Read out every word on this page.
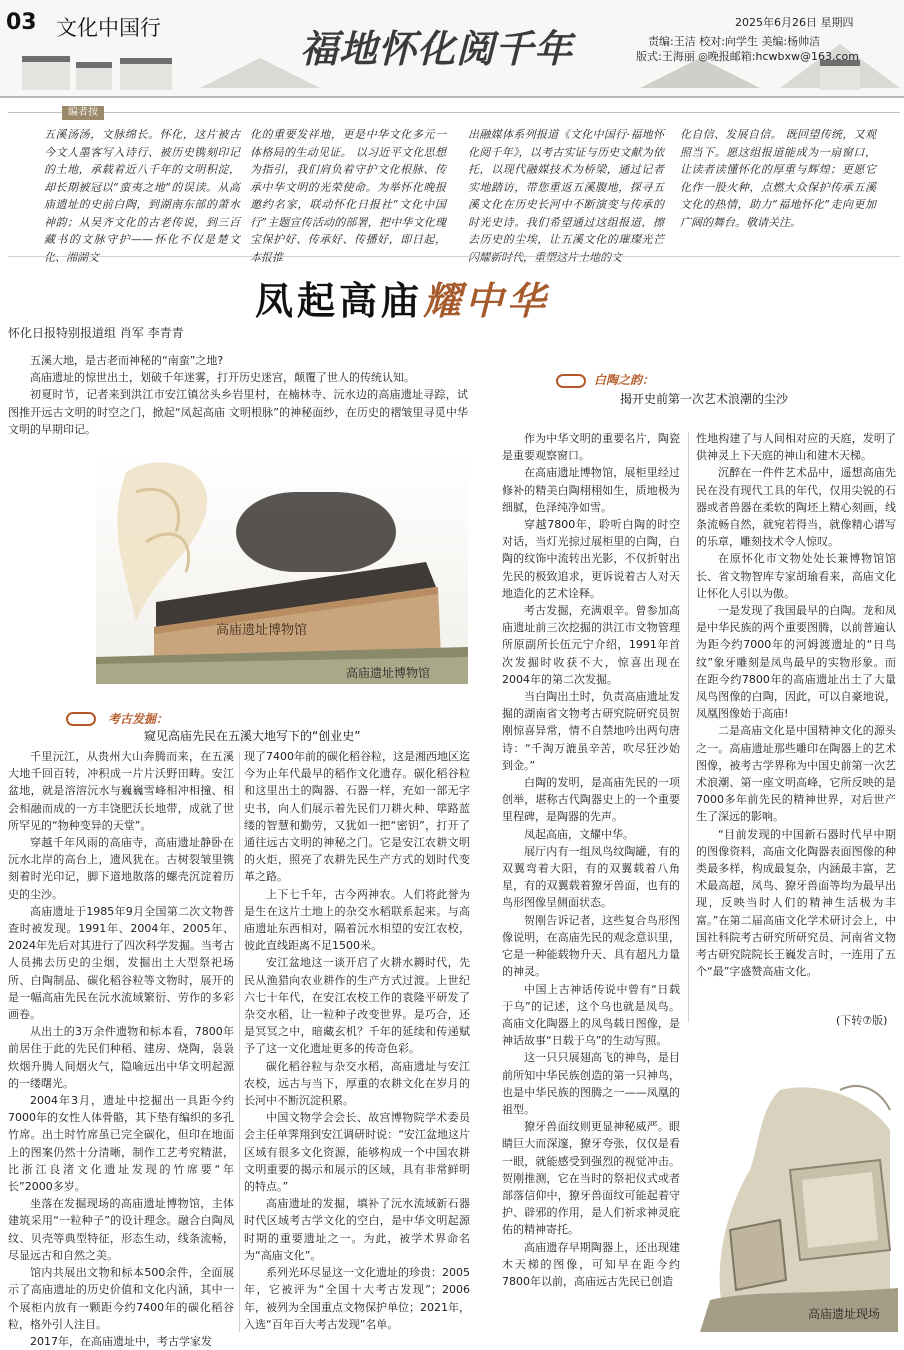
03 文化中国行	福地怀化阅千年
2025年6月26日 星期四
责编:王洁 校对:向学生 美编:杨帅洁
版式:王海丽 ◎晚报邮箱:hcwbxw@163.com
编者按
五溪汤汤，文脉绵长。怀化，这片被古今文人墨客写入诗行、被历史镌刻印记的土地，承载着近八千年的文明积淀，却长期被冠以“蛮夷之地”的误读。从高庙遗址的史前白陶，到湖南东部的萧水神韵；从吴齐文化的古老传说，到三百藏书的文脉守护——怀化不仅是楚文化、湘湖文
化的重要发祥地，更是中华文化多元一体格局的生动见证。 以习近平文化思想为指引，我们肩负着守护文化根脉、传承中华文明的光荣使命。为举怀化晚报邀约名家，联动怀化日报社“文化中国行”主题宣传活动的部署，把中华文化瑰宝保护好、传承好、传播好，即日起，本报推
出融媒体系列报道《文化中国行·福地怀化阅千年》，以考古实证与历史文献为依托，以现代融媒技术为桥梁，通过记者实地踏访，带您重返五溪腹地，探寻五溪文化在历史长河中不断演变与传承的时光史诗。我们希望通过这组报道，擦去历史的尘埃，让五溪文化的璀璨光芒闪耀新时代，重塑这片土地的文
化自信、发展自信。 既回望传统，又观照当下。愿这组报道能成为一扇窗口，让读者读懂怀化的厚重与辉煌；更愿它化作一股火种，点燃大众保护传承五溪文化的热情，助力“福地怀化”走向更加广阔的舞台。敬请关注。
凤起高庙耀中华
怀化日报特别报道组 肖军 李青青

五溪大地，是古老而神秘的“南蛮”之地?

高庙遗址的惊世出土，划破千年迷雾，打开历史迷宫，颠覆了世人的传统认知。

初夏时节，记者来到洪江市安江镇岔头乡岩里村，在楠林寺、沅水边的高庙遗址寻踪，试图推开远古文明的时空之门，掀起“凤起高庙 文明根脉”的神秘面纱，在历史的褶皱里寻觅中华文明的早期印记。

高庙遗址博物馆
高庙遗址博物馆
考古发掘：
窥见高庙先民在五溪大地写下的“创业史”

千里沅江，从贵州大山奔腾而来，在五溪大地千回百转，冲积成一片片沃野田畴。安江盆地，就是溶溶沅水与巍巍雪峰相冲相撞、相会相融而成的一方丰饶肥沃长地带，成就了世所罕见的“物种变异的天堂”。

穿越千年风雨的高庙寺，高庙遗址静卧在沅水北岸的高台上，遗风犹在。古树裂皱里镌刻着时光印记，脚下道地散落的螺壳沉淀着历史的尘沙。

高庙遗址于1985年9月全国第二次文物普查时被发现。1991年、2004年、2005年、2024年先后对其进行了四次科学发掘。当考古人员拂去历史的尘烟，发掘出土大型祭祀场所、白陶制品、碳化稻谷粒等文物时，展开的是一幅高庙先民在沅水流域繁衍、劳作的多彩画卷。

从出土的3万余件遗物和标本看，7800年前居住于此的先民们种稻、建房、烧陶，袅袅炊烟升腾人间烟火气，隐喻远出中华文明起源的一缕曙光。

2004年3月，遗址中挖掘出一具距今约7000年的女性人体骨骼，其下垫有编织的多孔竹席。出土时竹席虽已完全碳化，但印在地面上的图案仍然十分清晰，制作工艺考究精湛，比浙江良渚文化遗址发现的竹席要“年长”2000多岁。

坐落在发掘现场的高庙遗址博物馆，主体建筑采用“一粒种子”的设计理念。融合白陶凤纹、贝壳等典型特征，形态生动，线条流畅，尽显远古和自然之美。

馆内共展出文物和标本500余件，全面展示了高庙遗址的历史价值和文化内涵，其中一个展柜内放有一颗距今约7400年的碳化稻谷粒，格外引人注目。

2017年，在高庙遗址中，考古学家发

现了7400年前的碳化稻谷粒，这是湘西地区迄今为止年代最早的稻作文化遗存。碳化稻谷粒和这里出土的陶器、石器一样，充如一部无字史书，向人们展示着先民们刀耕火种、筚路蓝缕的智慧和勤劳，又犹如一把“密钥”，打开了通往远古文明的神秘之门。它是安江农耕文明的火炬，照亮了农耕先民生产方式的划时代变革之路。

上下七千年，古今两神农。人们将此誉为是生在这片土地上的杂交水稻联系起来。与高庙遗址东西相对，隔着沅水相望的安江农校，彼此直线距离不足1500米。

安江盆地这一谈开启了火耕水耨时代，先民从渔猎向农业耕作的生产方式过渡。上世纪六七十年代，在安江农校工作的袁隆平研发了杂交水稻，让一粒种子改变世界。是巧合，还是冥冥之中，暗藏玄机？千年的延续和传递赋予了这一文化遗址更多的传奇色彩。

碳化稻谷粒与杂交水稻，高庙遗址与安江农校，远古与当下，厚重的农耕文化在岁月的长河中不断沉淀积累。

中国文物学会会长、故宫博物院学术委员会主任单霁翔到安江调研时说：“安江盆地这片区域有很多文化资源，能够构成一个中国农耕文明重要的揭示和展示的区域，具有非常鲜明的特点。”

高庙遗址的发掘，填补了沅水流域新石器时代区域考古学文化的空白，是中华文明起源时期的重要遗址之一。为此，被学术界命名为“高庙文化”。

系列光环尽显这一文化遗址的珍贵：2005年，它被评为“全国十大考古发现”；2006年，被列为全国重点文物保护单位；2021年，入选“百年百大考古发现”名单。

白陶之韵：
揭开史前第一次艺术浪潮的尘沙

作为中华文明的重要名片，陶瓷是重要观察窗口。

在高庙遗址博物馆，展柜里经过修补的精美白陶栩栩如生，质地极为细腻，色泽纯净如雪。

穿越7800年，聆听白陶的时空对话，当灯光掠过展柜里的白陶，白陶的纹饰中流转出光影，不仅折射出先民的极致追求，更诉说着古人对天地造化的艺术诠释。

考古发掘，充满艰辛。曾参加高庙遗址前三次挖掘的洪江市文物管理所原副所长伍元宁介绍，1991年首次发掘时收获不大，惊喜出现在2004年的第二次发掘。

当白陶出土时，负责高庙遗址发掘的湖南省文物考古研究院研究员贺刚惊喜异常，情不自禁地吟出两句唐诗：“千淘万漉虽辛苦，吹尽狂沙始到金。”

白陶的发明，是高庙先民的一项创举，堪称古代陶器史上的一个重要里程碑，是陶器的先声。

凤起高庙，文耀中华。

展厅内有一组凤鸟纹陶罐，有的双翼弯着大阳，有的双翼载着八角星，有的双翼载着獠牙兽面，也有的鸟形图像呈侧面状态。

贺刚告诉记者，这些复合鸟形图像说明，在高庙先民的观念意识里，它是一种能载物升天、具有超凡力量的神灵。

中国上古神话传说中曾有“日载于乌”的记述，这个乌也就是凤鸟。高庙文化陶器上的凤鸟载日图像，是神话故事“日载于乌”的生动写照。

这一只只展翅高飞的神鸟，是目前所知中华民族创造的第一只神鸟，也是中华民族的图腾之一——凤凰的祖型。

獠牙兽面纹则更显神秘威严。眼睛巨大而深邃，獠牙夸张，仅仅是看一眼，就能感受到强烈的视觉冲击。贺刚推测，它在当时的祭祀仪式或者部落信仰中，獠牙兽面纹可能起着守护、辟邪的作用，是人们祈求神灵庇佑的精神寄托。

高庙遗存早期陶器上，还出现建木天梯的图像，可知早在距今约7800年以前，高庙远古先民已创造

性地构建了与人间相对应的天庭，发明了供神灵上下天庭的神山和建木天梯。

沉醉在一件件艺术品中，遥想高庙先民在没有现代工具的年代，仅用尖锐的石器或者兽器在柔软的陶坯上精心刻画，线条流畅自然，就宛若得当，就像精心谱写的乐章，雕刻技术令人惊叹。

在原怀化市文物处处长兼博物馆馆长、省文物智库专家胡瑜看来，高庙文化让怀化人引以为傲。

一是发现了我国最早的白陶。龙和凤是中华民族的两个重要图腾，以前普遍认为距今约7000年的河姆渡遗址的“日鸟纹”象牙雕刻是凤鸟最早的实物形象。而在距今约7800年的高庙遗址出土了大量凤鸟图像的白陶，因此，可以自豪地说，凤凰图像始于高庙!

二是高庙文化是中国精神文化的源头之一。高庙遗址那些雕印在陶器上的艺术图像，被考古学界称为中国史前第一次艺术浪潮、第一座文明高峰，它所反映的是7000多年前先民的精神世界，对后世产生了深远的影响。

“目前发现的中国新石器时代早中期的图像资料，高庙文化陶器表面图像的种类最多样，构成最复杂，内涵最丰富，艺术最高超，凤鸟、獠牙兽面等均为最早出现，反映当时人们的精神生活极为丰富。”在第二届高庙文化学术研讨会上，中国社科院考古研究所研究员、河南省文物考古研究院院长王巍发言时，一连用了五个“最”字盛赞高庙文化。

(下转⑦版)
高庙遗址现场
